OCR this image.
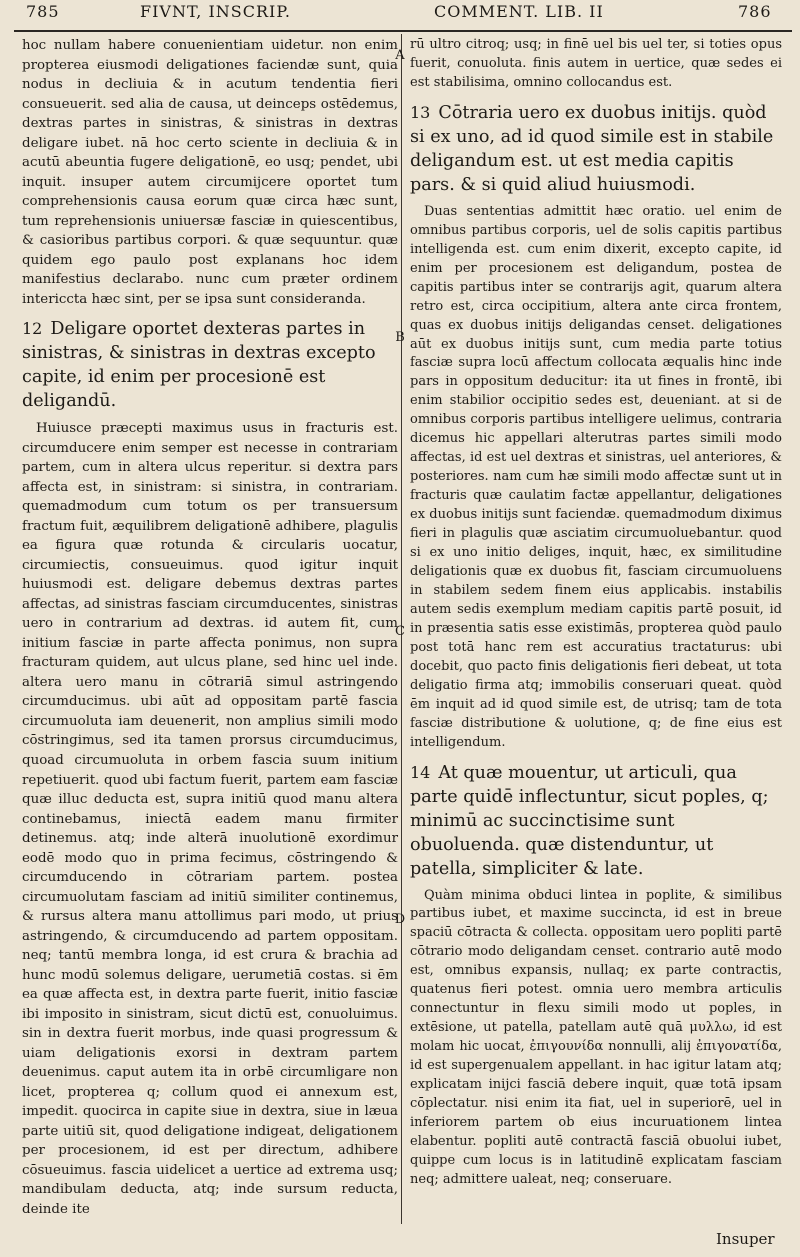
785	FIVNT, INSCRIP.	COMMENT. LIB. II	786
A
B
C
D

hoc nullam habere conuenientiam uidetur. non enim propterea eiusmodi deligationes faciendæ sunt, quia nodus in decliuia & in acutum tendentia fieri consueuerit. sed alia de causa, ut deinceps ostēdemus, dextras partes in sinistras, & sinistras in dextras deligare iubet. nā hoc certo sciente in decliuia & in acutū abeuntia fugere deligationē, eo usq; pendet, ubi inquit. insuper autem circumijcere oportet tum comprehensionis causa eorum quæ circa hæc sunt, tum reprehensionis uniuersæ fasciæ in quiescentibus, & casioribus partibus corpori. & quæ sequuntur. quæ quidem ego paulo post explanans hoc idem manifestius declarabo. nunc cum præter ordinem intericcta hæc sint, per se ipsa sunt consideranda.

12 Deligare oportet dexteras partes in sinistras, & sinistras in dextras excepto capite, id enim per procesionē est deligandū.

Huiusce præcepti maximus usus in fracturis est. circumducere enim semper est necesse in contrariam partem, cum in altera ulcus reperitur. si dextra pars affecta est, in sinistram: si sinistra, in contrariam. quemadmodum cum totum os per transuersum fractum fuit, æquilibrem deligationē adhibere, plagulis ea figura quæ rotunda & circularis uocatur, circumiectis, consueuimus. quod igitur inquit huiusmodi est. deligare debemus dextras partes affectas, ad sinistras fasciam circumducentes, sinistras uero in contrarium ad dextras. id autem fit, cum initium fasciæ in parte affecta ponimus, non supra fracturam quidem, aut ulcus plane, sed hinc uel inde. altera uero manu in cōtrariā simul astringendo circumducimus. ubi aūt ad oppositam partē fascia circumuoluta iam deuenerit, non amplius simili modo cōstringimus, sed ita tamen prorsus circumducimus, quoad circumuoluta in orbem fascia suum initium repetiuerit. quod ubi factum fuerit, partem eam fasciæ quæ illuc deducta est, supra initiū quod manu altera continebamus, iniectā eadem manu firmiter detinemus. atq; inde alterā inuolutionē exordimur eodē modo quo in prima fecimus, cōstringendo & circumducendo in cōtrariam partem. postea circumuolutam fasciam ad initiū similiter continemus, & rursus altera manu attollimus pari modo, ut prius astringendo, & circumducendo ad partem oppositam. neq; tantū membra longa, id est crura & brachia ad hunc modū solemus deligare, uerumetiā costas. si ēm ea quæ affecta est, in dextra parte fuerit, initio fasciæ ibi imposito in sinistram, sicut dictū est, conuoluimus. sin in dextra fuerit morbus, inde quasi progressum & uiam deligationis exorsi in dextram partem deuenimus. caput autem ita in orbē circumligare non licet, propterea q; collum quod ei annexum est, impedit. quocirca in capite siue in dextra, siue in læua parte uitiū sit, quod deligatione indigeat, deligationem per procesionem, id est per directum, adhibere cōsueuimus. fascia uidelicet a uertice ad extrema usq; mandibulam deducta, atq; inde sursum reducta, deinde ite

rū ultro citroq; usq; in finē uel bis uel ter, si toties opus fuerit, conuoluta. finis autem in uertice, quæ sedes ei est stabilisima, omnino collocandus est.

13 Cōtraria uero ex duobus initijs. quòd si ex uno, ad id quod simile est in stabile deligandum est. ut est media capitis pars. & si quid aliud huiusmodi.

Duas sententias admittit hæc oratio. uel enim de omnibus partibus corporis, uel de solis capitis partibus intelligenda est. cum enim dixerit, excepto capite, id enim per procesionem est deligandum, postea de capitis partibus inter se contrarijs agit, quarum altera retro est, circa occipitium, altera ante circa frontem, quas ex duobus initijs deligandas censet. deligationes aūt ex duobus initijs sunt, cum media parte totius fasciæ supra locū affectum collocata æqualis hinc inde pars in oppositum deducitur: ita ut fines in frontē, ibi enim stabilior occipitio sedes est, deueniant. at si de omnibus corporis partibus intelligere uelimus, contraria dicemus hic appellari alterutras partes simili modo affectas, id est uel dextras et sinistras, uel anteriores, & posteriores. nam cum hæ simili modo affectæ sunt ut in fracturis quæ caulatim factæ appellantur, deligationes ex duobus initijs sunt faciendæ. quemadmodum diximus fieri in plagulis quæ asciatim circumuoluebantur. quod si ex uno initio deliges, inquit, hæc, ex similitudine deligationis quæ ex duobus fit, fasciam circumuoluens in stabilem sedem finem eius applicabis. instabilis autem sedis exemplum mediam capitis partē posuit, id in præsentia satis esse existimās, propterea quòd paulo post totā hanc rem est accuratius tractaturus: ubi docebit, quo pacto finis deligationis fieri debeat, ut tota deligatio firma atq; immobilis conseruari queat. quòd ēm inquit ad id quod simile est, de utrisq; tam de tota fasciæ distributione & uolutione, q; de fine eius est intelligendum.

14 At quæ mouentur, ut articuli, qua parte quidē inflectuntur, sicut poples, q; minimū ac succinctisime sunt obuoluenda. quæ distenduntur, ut patella, simpliciter & late.

Quàm minima obduci lintea in poplite, & similibus partibus iubet, et maxime succincta, id est in breue spaciū cōtracta & collecta. oppositam uero popliti partē cōtrario modo deligandam censet. contrario autē modo est, omnibus expansis, nullaq; ex parte contractis, quatenus fieri potest. omnia uero membra articulis connectuntur in flexu simili modo ut poples, in extēsione, ut patella, patellam autē quā μυλλω, id est molam hic uocat, ἐπιγουνίδα nonnulli, alij ἐπιγονατίδα, id est supergenualem appellant. in hac igitur latam atq; explicatam inijci fasciā debere inquit, quæ totā ipsam cōplectatur. nisi enim ita fiat, uel in superiorē, uel in inferiorem partem ob eius incuruationem lintea elabentur. popliti autē contractā fasciā obuolui iubet, quippe cum locus is in latitudinē explicatam fasciam neq; admittere ualeat, neq; conseruare.

Insuper
